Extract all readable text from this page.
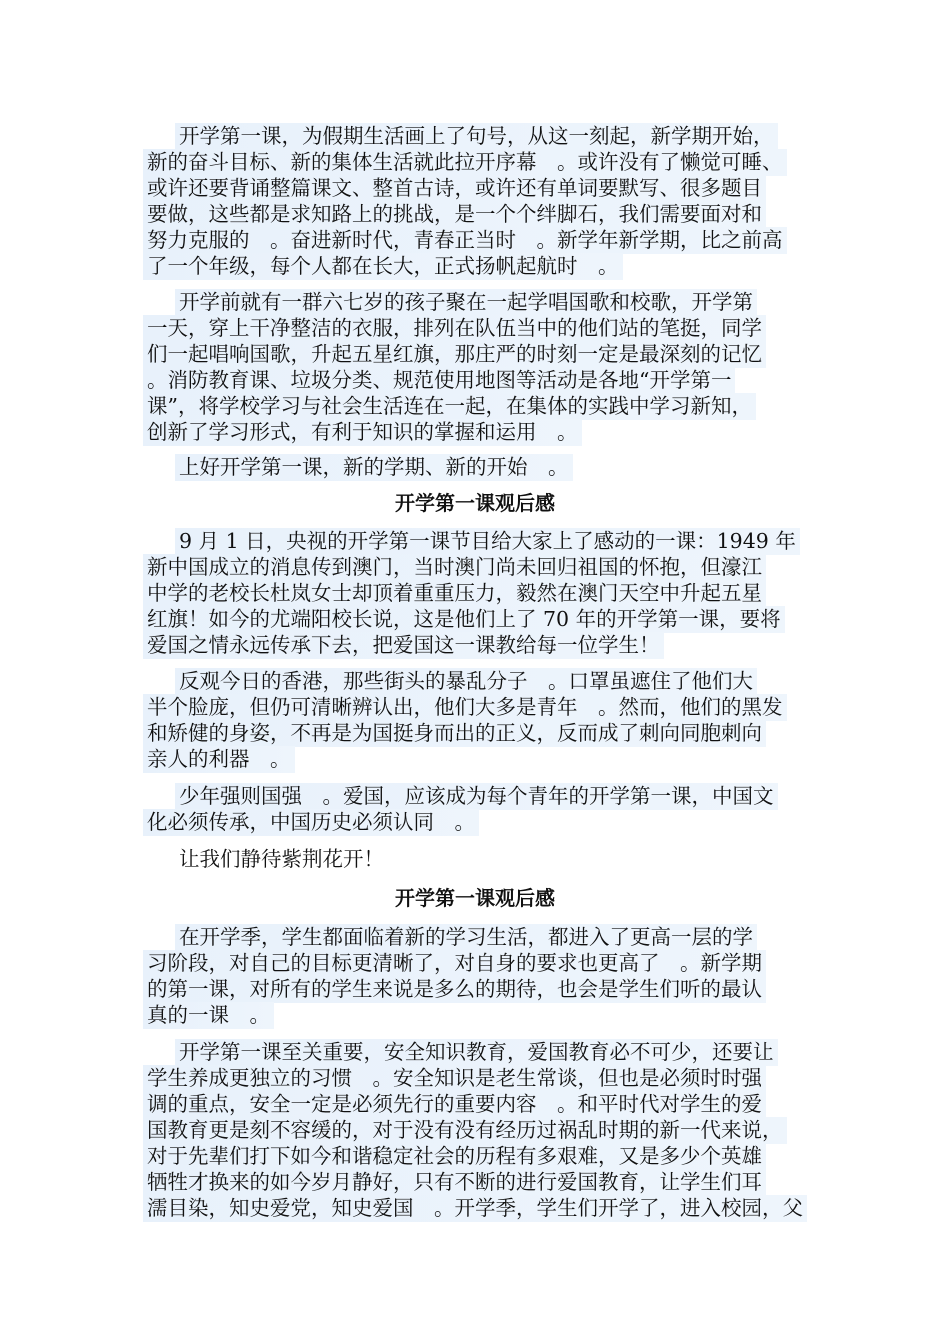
开学第一课，为假期生活画上了句号，从这一刻起，新学期开始，
新的奋斗目标、新的集体生活就此拉开序幕　。或许没有了懒觉可睡、
或许还要背诵整篇课文、整首古诗，或许还有单词要默写、很多题目
要做，这些都是求知路上的挑战，是一个个绊脚石，我们需要面对和
努力克服的　。奋进新时代，青春正当时　。新学年新学期，比之前高
了一个年级，每个人都在长大，正式扬帆起航时　。
开学前就有一群六七岁的孩子聚在一起学唱国歌和校歌，开学第
一天，穿上干净整洁的衣服，排列在队伍当中的他们站的笔挺，同学
们一起唱响国歌，升起五星红旗，那庄严的时刻一定是最深刻的记忆
。消防教育课、垃圾分类、规范使用地图等活动是各地“开学第一
课”，将学校学习与社会生活连在一起，在集体的实践中学习新知，
创新了学习形式，有利于知识的掌握和运用　。
上好开学第一课，新的学期、新的开始　。
开学第一课观后感
9 月 1 日，央视的开学第一课节目给大家上了感动的一课：1949 年
新中国成立的消息传到澳门，当时澳门尚未回归祖国的怀抱，但濠江
中学的老校长杜岚女士却顶着重重压力，毅然在澳门天空中升起五星
红旗！如今的尤端阳校长说，这是他们上了 70 年的开学第一课，要将
爱国之情永远传承下去，把爱国这一课教给每一位学生！
反观今日的香港，那些街头的暴乱分子　。口罩虽遮住了他们大
半个脸庞，但仍可清晰辨认出，他们大多是青年　。然而，他们的黑发
和矫健的身姿，不再是为国挺身而出的正义，反而成了刺向同胞刺向
亲人的利器　。
少年强则国强　。爱国，应该成为每个青年的开学第一课，中国文
化必须传承，中国历史必须认同　。
让我们静待紫荆花开！
开学第一课观后感
在开学季，学生都面临着新的学习生活，都进入了更高一层的学
习阶段，对自己的目标更清晰了，对自身的要求也更高了　。新学期
的第一课，对所有的学生来说是多么的期待，也会是学生们听的最认
真的一课　。
开学第一课至关重要，安全知识教育，爱国教育必不可少，还要让
学生养成更独立的习惯　。安全知识是老生常谈，但也是必须时时强
调的重点，安全一定是必须先行的重要内容　。和平时代对学生的爱
国教育更是刻不容缓的，对于没有没有经历过祸乱时期的新一代来说，
对于先辈们打下如今和谐稳定社会的历程有多艰难，又是多少个英雄
牺牲才换来的如今岁月静好，只有不断的进行爱国教育，让学生们耳
濡目染，知史爱党，知史爱国　。开学季，学生们开学了，进入校园，父
